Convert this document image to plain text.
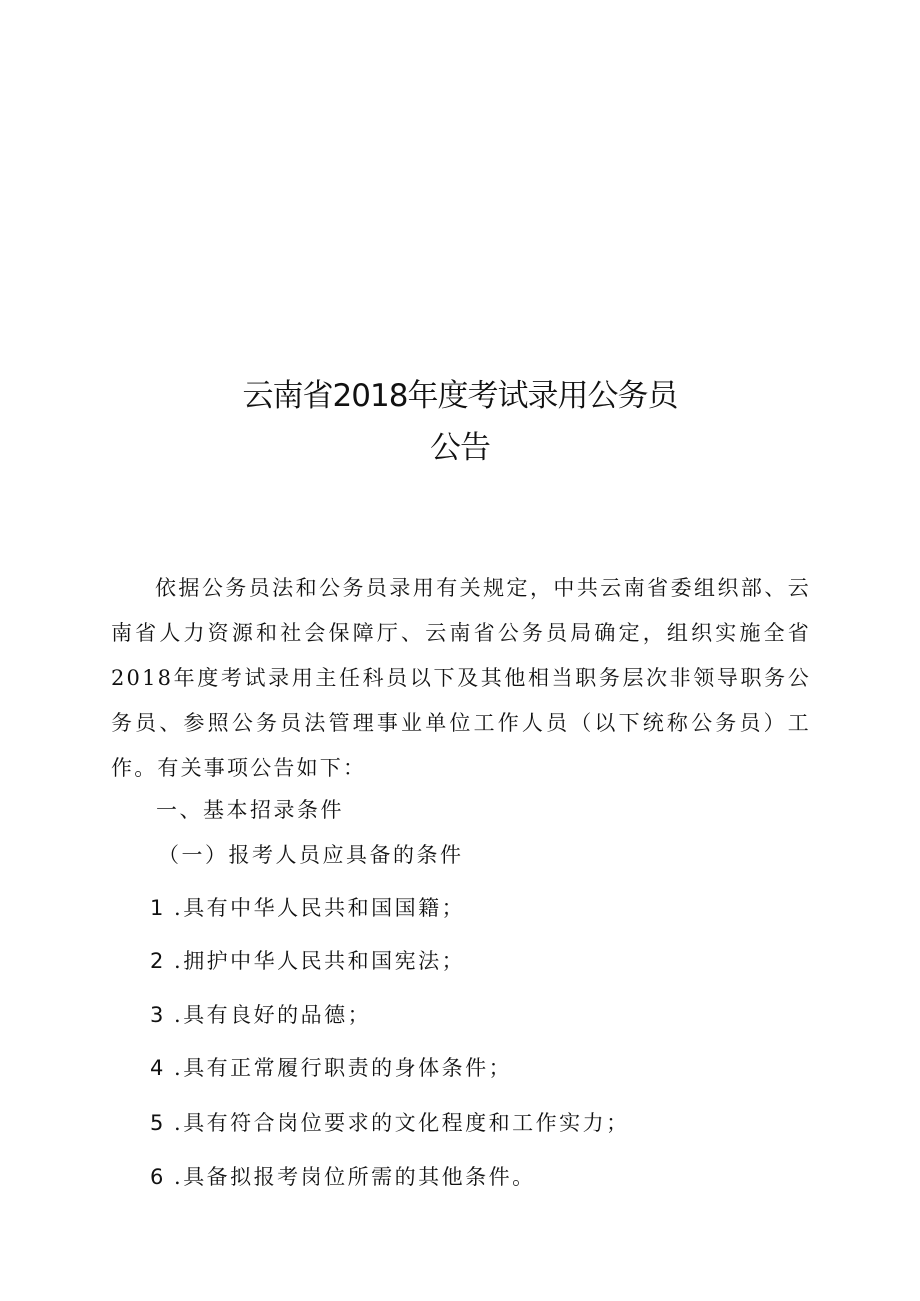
云南省2018年度考试录用公务员
公告

依据公务员法和公务员录用有关规定，中共云南省委组织部、云南省人力资源和社会保障厅、云南省公务员局确定，组织实施全省2018年度考试录用主任科员以下及其他相当职务层次非领导职务公务员、参照公务员法管理事业单位工作人员（以下统称公务员）工作。有关事项公告如下：

一、基本招录条件

（一）报考人员应具备的条件

1 .具有中华人民共和国国籍；

2 .拥护中华人民共和国宪法；

3 .具有良好的品德；

4 .具有正常履行职责的身体条件；

5 .具有符合岗位要求的文化程度和工作实力；

6 .具备拟报考岗位所需的其他条件。
